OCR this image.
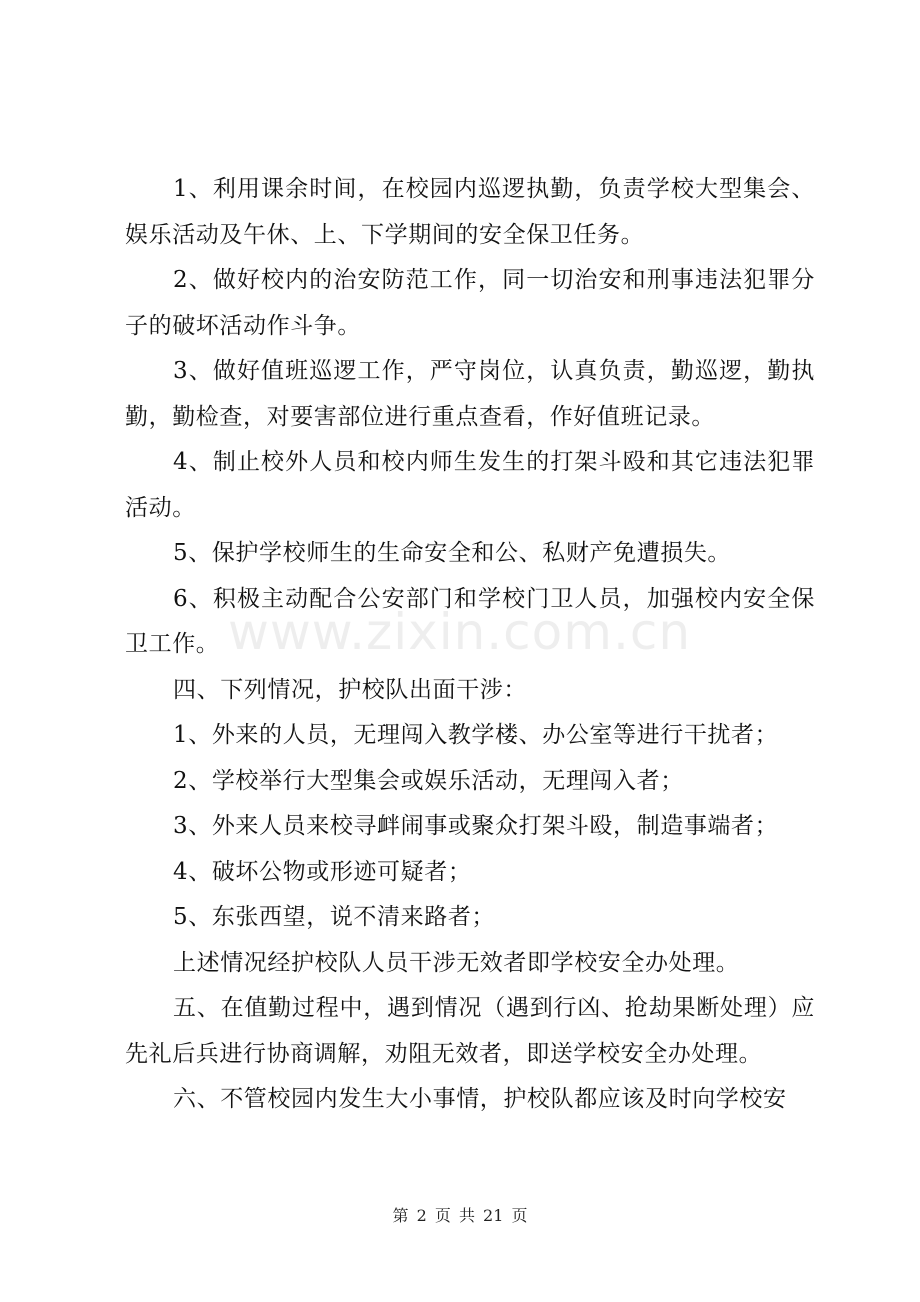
1、利用课余时间，在校园内巡逻执勤，负责学校大型集会、娱乐活动及午休、上、下学期间的安全保卫任务。

2、做好校内的治安防范工作，同一切治安和刑事违法犯罪分子的破坏活动作斗争。

3、做好值班巡逻工作，严守岗位，认真负责，勤巡逻，勤执勤，勤检查，对要害部位进行重点查看，作好值班记录。

4、制止校外人员和校内师生发生的打架斗殴和其它违法犯罪活动。

5、保护学校师生的生命安全和公、私财产免遭损失。

6、积极主动配合公安部门和学校门卫人员，加强校内安全保卫工作。

四、下列情况，护校队出面干涉：

1、外来的人员，无理闯入教学楼、办公室等进行干扰者；

2、学校举行大型集会或娱乐活动，无理闯入者；

3、外来人员来校寻衅闹事或聚众打架斗殴，制造事端者；

4、破坏公物或形迹可疑者；

5、东张西望，说不清来路者；

上述情况经护校队人员干涉无效者即学校安全办处理。

五、在值勤过程中，遇到情况（遇到行凶、抢劫果断处理）应先礼后兵进行协商调解，劝阻无效者，即送学校安全办处理。

六、不管校园内发生大小事情，护校队都应该及时向学校安

www.zixin.com.cn
第 2 页 共 21 页
